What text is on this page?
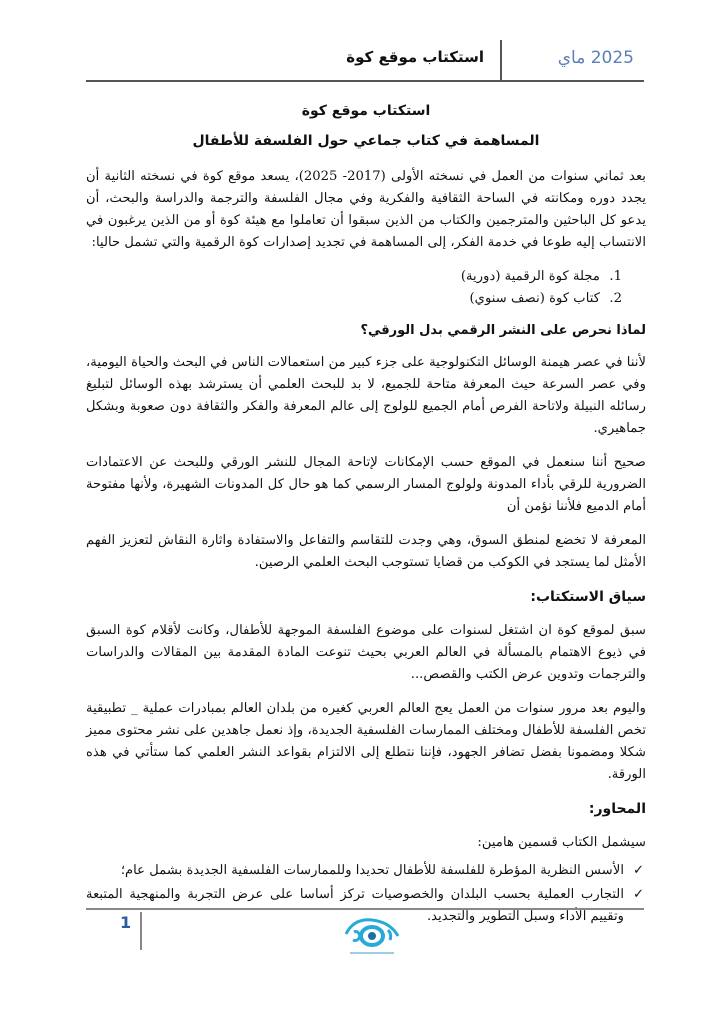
استكتاب موقع كوة	2025 ماي
استكتاب موقع كوة
المساهمة في كتاب جماعي حول الفلسفة للأطفال

بعد ثماني سنوات من العمل في نسخته الأولى (2017- 2025)، يسعد موقع كوة في نسخته الثانية أن يجدد دوره ومكانته في الساحة الثقافية والفكرية وفي مجال الفلسفة والترجمة والدراسة والبحث، أن يدعو كل الباحثين والمترجمين والكتاب من الذين سبقوا أن تعاملوا مع هيئة كوة أو من الذين يرغبون في الانتساب إليه طوعا في خدمة الفكر، إلى المساهمة في تجديد إصدارات كوة الرقمية والتي تشمل حاليا:

1.مجلة كوة الرقمية (دورية)
2.كتاب كوة (نصف سنوي)
لماذا نحرص على النشر الرقمي بدل الورقي؟

لأننا في عصر هيمنة الوسائل التكنولوجية على جزء كبير من استعمالات الناس في البحث والحياة اليومية، وفي عصر السرعة حيث المعرفة متاحة للجميع، لا بد للبحث العلمي أن يسترشد بهذه الوسائل لتبليغ رسائله النبيلة ولاتاحة الفرص أمام الجميع للولوج إلى عالم المعرفة والفكر والثقافة دون صعوبة وبشكل جماهيري.

صحيح أننا سنعمل في الموقع حسب الإمكانات لإتاحة المجال للنشر الورقي وللبحث عن الاعتمادات الضرورية للرقي بأداء المدونة ولولوج المسار الرسمي كما هو حال كل المدونات الشهيرة، ولأنها مفتوحة أمام الدميع فلأننا نؤمن أن

المعرفة لا تخضع لمنطق السوق، وهي وجدت للتقاسم والتفاعل والاستفادة واثارة النقاش لتعزيز الفهم الأمثل لما يستجد في الكوكب من قضايا تستوجب البحث العلمي الرصين.

سياق الاستكتاب:

سبق لموقع كوة ان اشتغل لسنوات على موضوع الفلسفة الموجهة للأطفال، وكانت لأقلام كوة السبق في ذيوع الاهتمام بالمسألة في العالم العربي بحيث تنوعت المادة المقدمة بين المقالات والدراسات والترجمات وتدوين عرض الكتب والقصص...

واليوم بعد مرور سنوات من العمل يعج العالم العربي كغيره من بلدان العالم بمبادرات عملية _ تطبيقية تخص الفلسفة للأطفال ومختلف الممارسات الفلسفية الجديدة، وإذ نعمل جاهدين على نشر محتوى مميز شكلا ومضمونا بفضل تضافر الجهود، فإننا نتطلع إلى الالتزام بقواعد النشر العلمي كما ستأتي في هذه الورقة.

المحاور:

سيشمل الكتاب قسمين هامين:

✓
الأسس النظرية المؤطرة للفلسفة للأطفال تحديدا وللممارسات الفلسفية الجديدة بشمل عام؛
✓
التجارب العملية بحسب البلدان والخصوصيات تركز أساسا على عرض التجربة والمنهجية المتبعة وتقييم الأداء وسبل التطوير والتجديد.
1
